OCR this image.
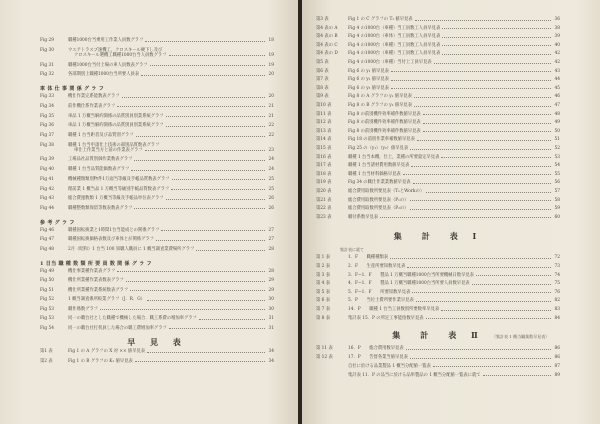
Fig 29	職種1000台当乗用工作業人員数グラフ	18
Fig 30	ウエアトラスプ速機工，クロスキール硬下し及び
クロスキール選機工職種1000台当人員数グラフ	19
Fig 31	職種1000台当付上場の車人員数表グラフ	19
Fig 32	各部期別上職種1000台当所要人員表	20
車 体 仕 事 関 係 グ ラ フ
Fig 33	機仕作業完系能数表グラフ	20
Fig 34	前作機仕系作業表グラフ	21
Fig 35	車品 1 万概当解約開係の品質別員別業系統グラフ	21
Fig 36	車品 1 万概当解約開係の品質別員別業系統グラフ	22
Fig 37	職種 1 台当距者及び品質別グラフ	22
Fig 38	職種 1 台当申請仕上技術の部別品質数表グラフ
車仕上作業当方と前の作業表グラフ	23
Fig 39	工場品社品質別価作業数表グラフ	24
Fig 40	職種 1 台当品質能価数表グラフ	24
Fig 41	機械種類類別物件1万面当等級及手帳品質数表グラフ	25
Fig 42	理前業 1 概当品 1 万概当等級別手帳品質数表グラフ	25
Fig 43	総合費運数類 1 万概当等級及手帳品単位表グラフ	26
Fig 44	職種整数類保留等数表数表グラフ	26
参 考 グ ラ フ
Fig 46	職種国転換業と1時間1台当能成との関係グラフ	27
Fig 47	職種国転換価格表数及び車体とが関係グラフ	27
Fig 48	2月（昭和）1 台当 100 知職人職員に 1 概当調査業費場所グラフ	28
1 日当 職 種 数 類 所 要 員 数 関 係 グ ラ フ
Fig 49	機仕事業種作業表グラフ	28
Fig 50	機仕所業種作業表数表グラフ	29
Fig 51	機仕所業種作業系統数表グラフ	29
Fig 52	1 概当調査係所較業グラフ（J．R．G）	30
Fig 53	職作係数グラフ	30
Fig 53	同一の職台社とした職種で機械した場合．職工系費の増加率グラフ	31
Fig 54	同一の職台社打机員した場合の職工費増加率グラフ	31
早 見 表
第1 表	Fig 1 の A グラフの X 対 ×× 値早見表	34
第2 表	Fig 1 の B グラフの K₁ 値早見表	34
第3 表	Fig 1 の C グラフの T₁ 値早見表	36
第4 表の A Fig 4 の1000台（車種）当工員数工人員早見表	38
第4 表の B Fig 4 の1000台（車体）当工員数工人員早見表	39
第4 表の C Fig 4 の1000台（車種）当工員数工人員早見表	40
第4 表の D Fig 4 の1000台（車種）当工員数工人員早見表	42
第5 表	Fig 4 の1000台（車種）当付上工員早見表	42
第6 表	Fig 6 の y₁ 値早見表	43
第7 表	Fig 6 の y₂ 値早見表	44
第8 表	Fig 6 の y₃ 値早見表	45
第9 表	Fig 8 の A グラフの y₁ 値早見表	46
第10 表	Fig 8 の B グラフの y₂ 値早見表	47
第11 表	Fig 8 の前別機件効率補件数値早見表	48
第12 表	Fig 8 の前別機件効率補件数値早見表	49
第13 表	Fig 8 の前別機件効率補件数値早見表	50
第14 表	Fig 18 の前別作業率補数値早見表	51
第15 表	Fig 25 の（y₁）（y₂）値早見表	52
第16 表	職種 1 台当本機，仕上，業種の所要量定早見表	53
第17 表	職種 1 台当諸材費用数値早見表	54
第18 表	職種 1 台当材料価格早見表	55
第19 表	Fig 34 の職仕作業業数値早見表	56
第20 表	総合費用取数所要見表（T₁とWorkの）	57
第21 表	総合費用取数所要見表（P₁の）	58
第22 表	総合費用取数所要見表（P₂の）	59
第23 表	職付系数早見表	60
集　計　表 Ⅰ
集計表に就て
第 1 表	1．F　　職種種類表	72
第 2 表	2．F　　生産所要知数早見表	73
第 3 表	3．F−1．F　　製品 1 万概当職種1000台当所要機械日数早見表	74
第 4 表	4．F−1．F　　製品 1 万概当職種1000台当所要人員数早見表	75
第 5 表	5．F−1．F　　所要知数早見表	76
第 6 表	5．P　　当位士費所要作業早見表	82
第 7 表	14．P　　職種 1 台当工員数別所要数率早見表	83
第 8 表	集計表 15．P の所定工事能指数早見表	84
集　計　表 Ⅱ	（集計表 1 概当職業数早見表）
第 11 表	16．P　　総合費用数早見表	86
第 12 表	17．P　　告督各業当値早見表	86
自社に於ける品業製品 1 概当分配値一覧表	87
集計表 11．P の品当に於ける品単製品の 1 概当分配値一覧表に就て	89
